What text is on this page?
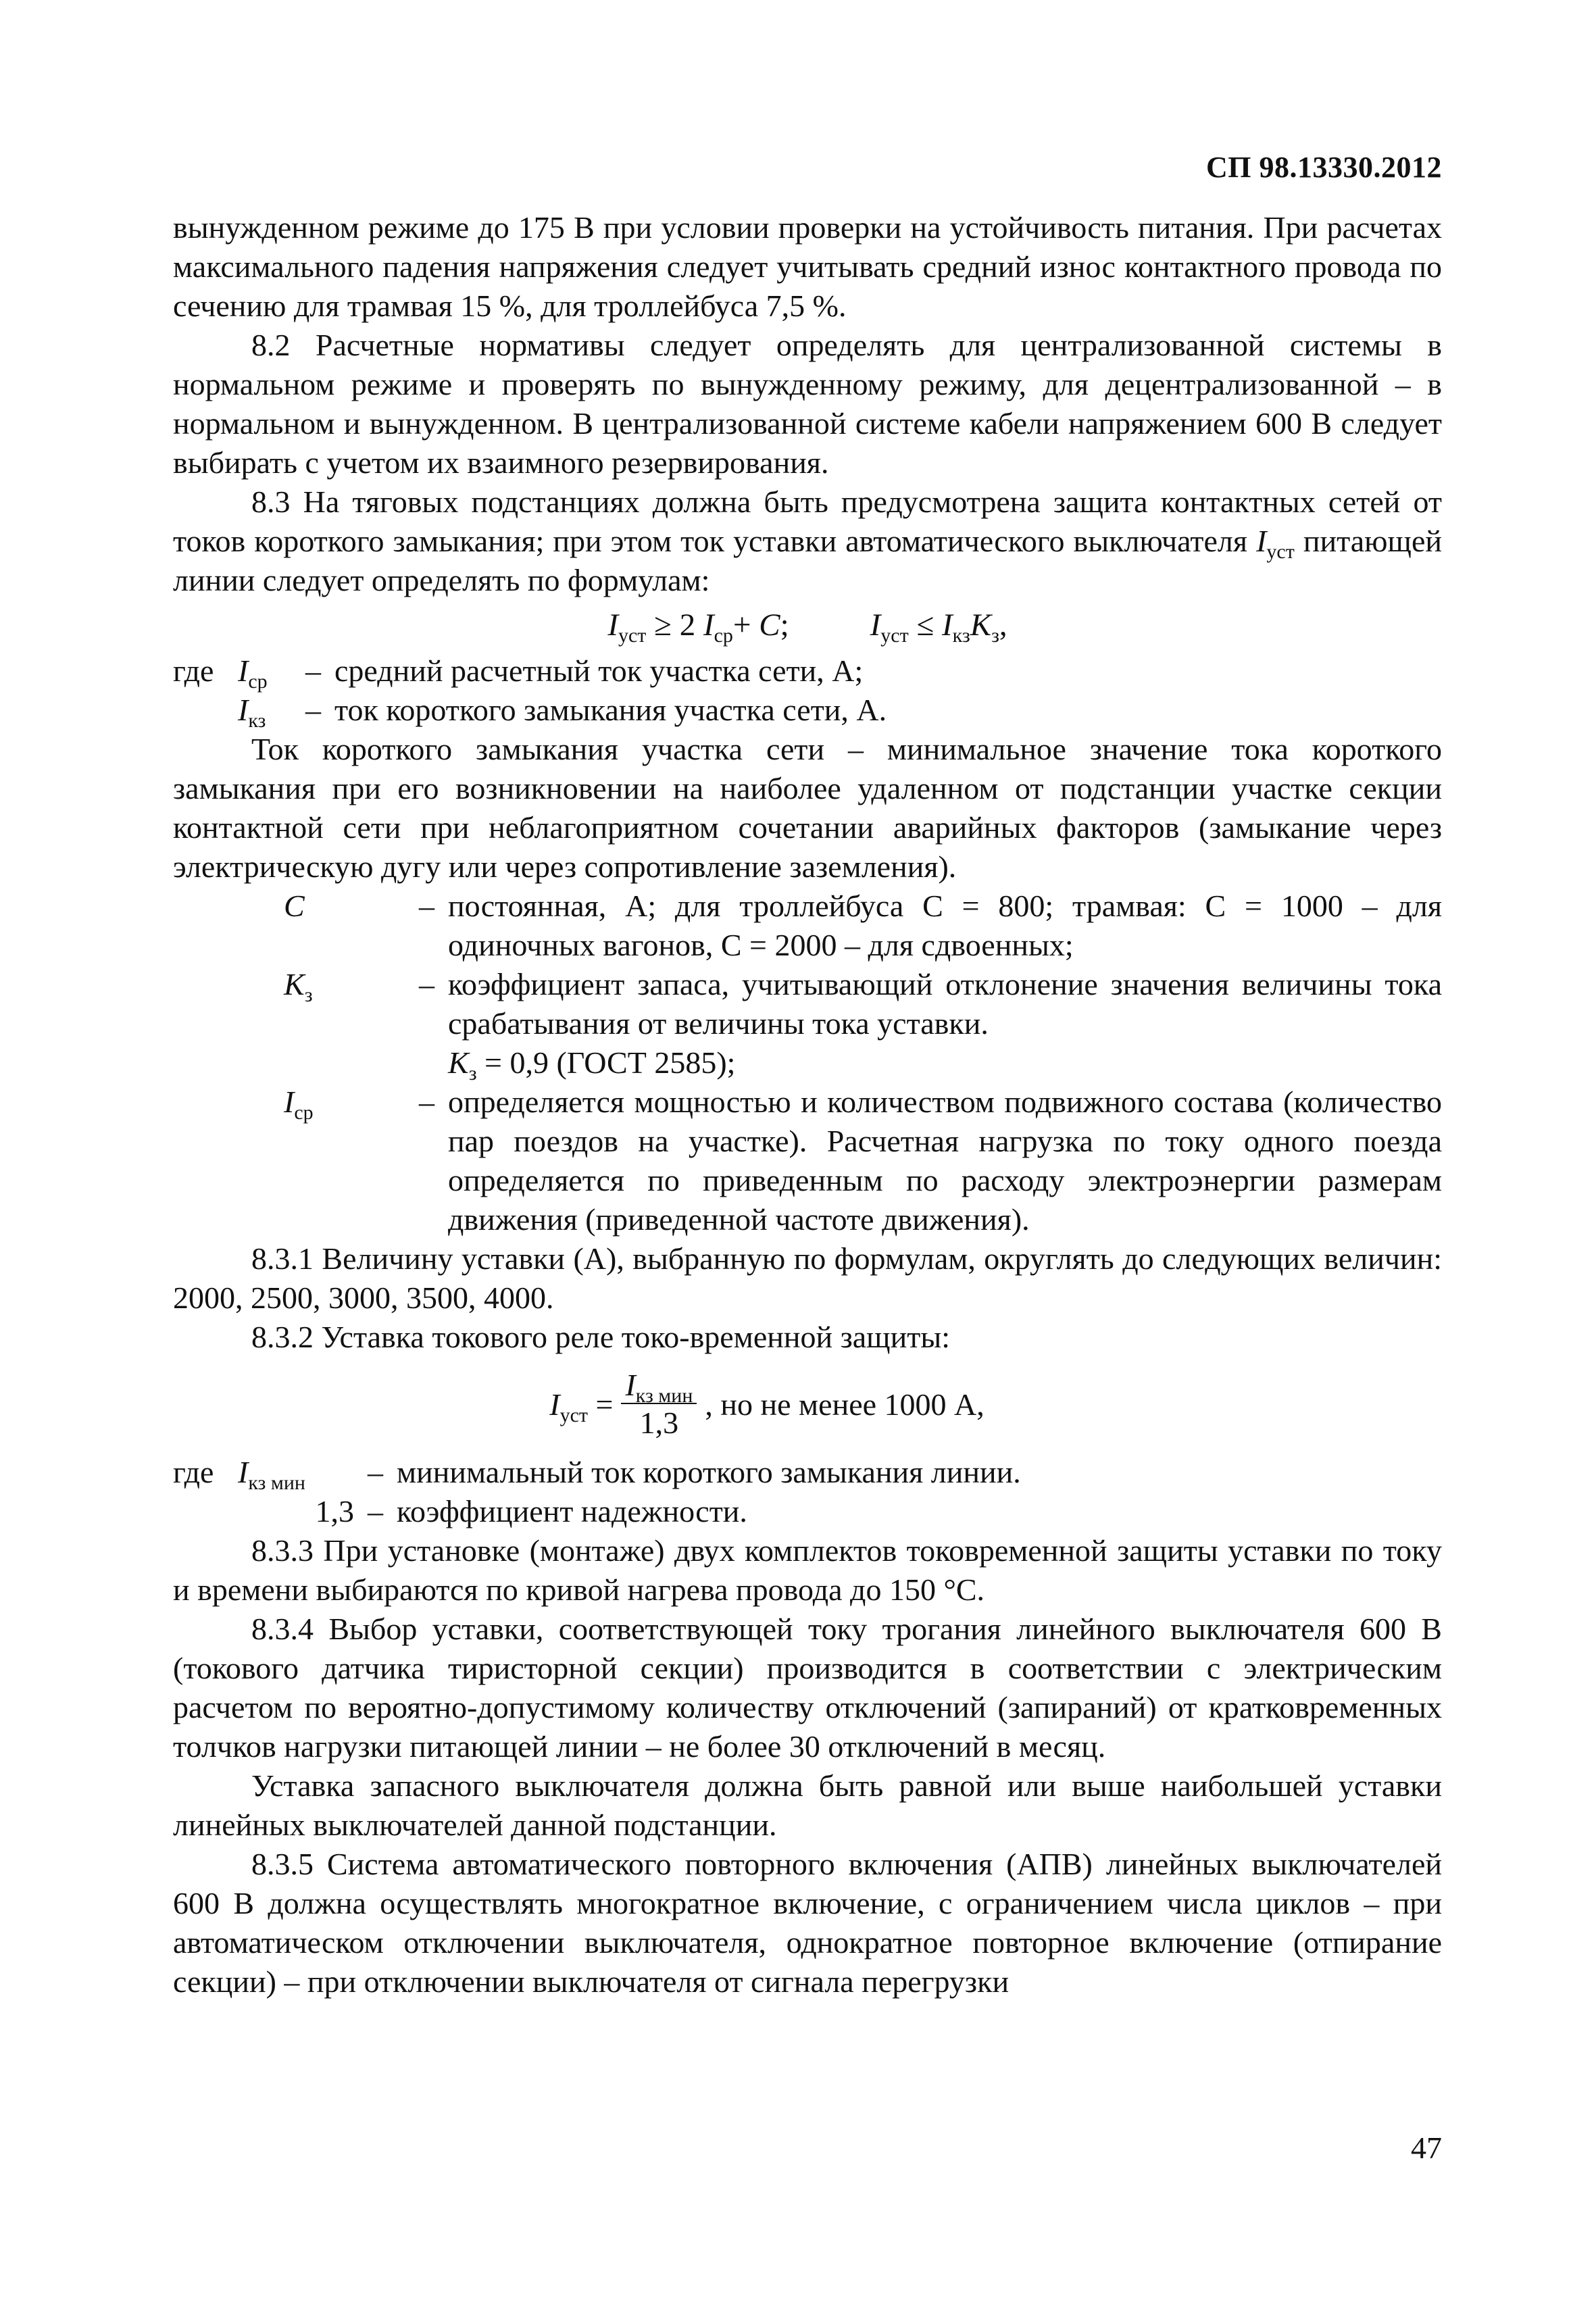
СП 98.13330.2012

вынужденном режиме до 175 В при условии проверки на устойчивость питания. При расчетах максимального падения напряжения следует учитывать средний износ контактного провода по сечению для трамвая 15 %, для троллейбуса 7,5 %.

8.2 Расчетные нормативы следует определять для централизованной системы в нормальном режиме и проверять по вынужденному режиму, для децентрализованной – в нормальном и вынужденном. В централизованной системе кабели напряжением 600 В следует выбирать с учетом их взаимного резервирования.

8.3 На тяговых подстанциях должна быть предусмотрена защита контактных сетей от токов короткого замыкания; при этом ток уставки автоматического выключателя $I_{уст}$ питающей линии следует определять по формулам:

$I_{уст} \ge 2$ $I_{ср}+ C$;	$I_{уст} \le I_{кз}K_з$,
где $I_{ср}$	– средний расчетный ток участка сети, А;
$I_{кз}$	– ток короткого замыкания участка сети, А.

Ток короткого замыкания участка сети – минимальное значение тока короткого замыкания при его возникновении на наиболее удаленном от подстанции участке секции контактной сети при неблагоприятном сочетании аварийных факторов (замыкание через электрическую дугу или через сопротивление заземления).

C	– постоянная, А; для троллейбуса C = 800; трамвая: C = 1000 – для одиночных вагонов, C = 2000 – для сдвоенных;
$K_з$	– коэффициент запаса, учитывающий отклонение значения величины тока срабатывания от величины тока уставки.
$K_з = 0,9$ (ГОСТ 2585);
$I_{ср}$	– определяется мощностью и количеством подвижного состава (количество пар поездов на участке). Расчетная нагрузка по току одного поезда определяется по приведенным по расходу электроэнергии размерам движения (приведенной частоте движения).

8.3.1 Величину уставки (А), выбранную по формулам, округлять до следующих величин: 2000, 2500, 3000, 3500, 4000.

8.3.2 Уставка токового реле токо-временной защиты:

$I_{уст} = \frac{I_{кз мин}}{1,3}$ , но не менее 1000 А,
где $I_{кз мин}$	– минимальный ток короткого замыкания линии.
1,3 – коэффициент надежности.

8.3.3 При установке (монтаже) двух комплектов токовременной защиты уставки по току и времени выбираются по кривой нагрева провода до 150 °С.

8.3.4 Выбор уставки, соответствующей току трогания линейного выключателя 600 В (токового датчика тиристорной секции) производится в соответствии с электрическим расчетом по вероятно-допустимому количеству отключений (запираний) от кратковременных толчков нагрузки питающей линии – не более 30 отключений в месяц.

Уставка запасного выключателя должна быть равной или выше наибольшей уставки линейных выключателей данной подстанции.

8.3.5 Система автоматического повторного включения (АПВ) линейных выключателей 600 В должна осуществлять многократное включение, с ограничением числа циклов – при автоматическом отключении выключателя, однократное повторное включение (отпирание секции) – при отключении выключателя от сигнала перегрузки

47
